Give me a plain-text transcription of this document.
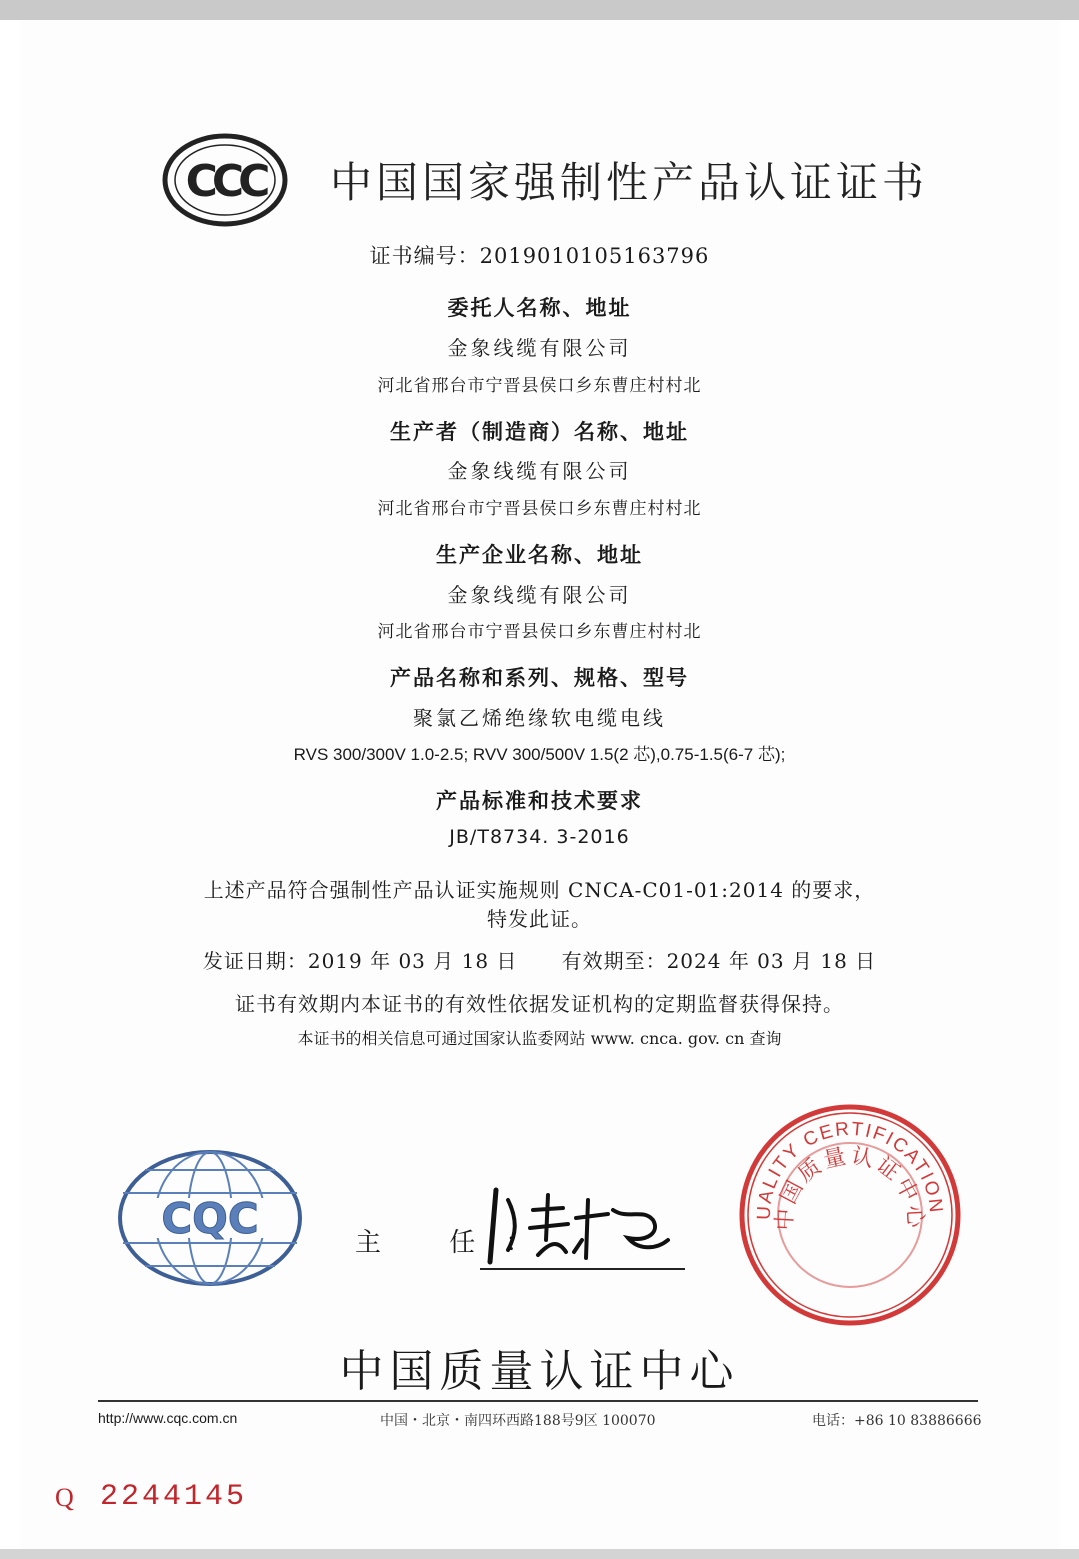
CCC 中国国家强制性产品认证证书
证书编号：2019010105163796
委托人名称、地址
金象线缆有限公司
河北省邢台市宁晋县侯口乡东曹庄村村北
生产者（制造商）名称、地址
金象线缆有限公司
河北省邢台市宁晋县侯口乡东曹庄村村北
生产企业名称、地址
金象线缆有限公司
河北省邢台市宁晋县侯口乡东曹庄村村北
产品名称和系列、规格、型号
聚氯乙烯绝缘软电缆电线
RVS 300/300V 1.0-2.5; RVV 300/500V 1.5(2 芯),0.75-1.5(6-7 芯);
产品标准和技术要求
JB/T8734. 3-2016
上述产品符合强制性产品认证实施规则 CNCA-C01-01:2014 的要求，
特发此证。
发证日期：2019 年 03 月 18 日      有效期至：2024 年 03 月 18 日
证书有效期内本证书的有效性依据发证机构的定期监督获得保持。
本证书的相关信息可通过国家认监委网站 www. cnca. gov. cn 查询
CQC	主 任：
UALITY CERTIFICATION
中国质量认证中心
中国质量认证中心
http://www.cqc.com.cn	中国・北京・南四环西路188号9区 100070	电话：+86 10 83886666
Q 2244145
